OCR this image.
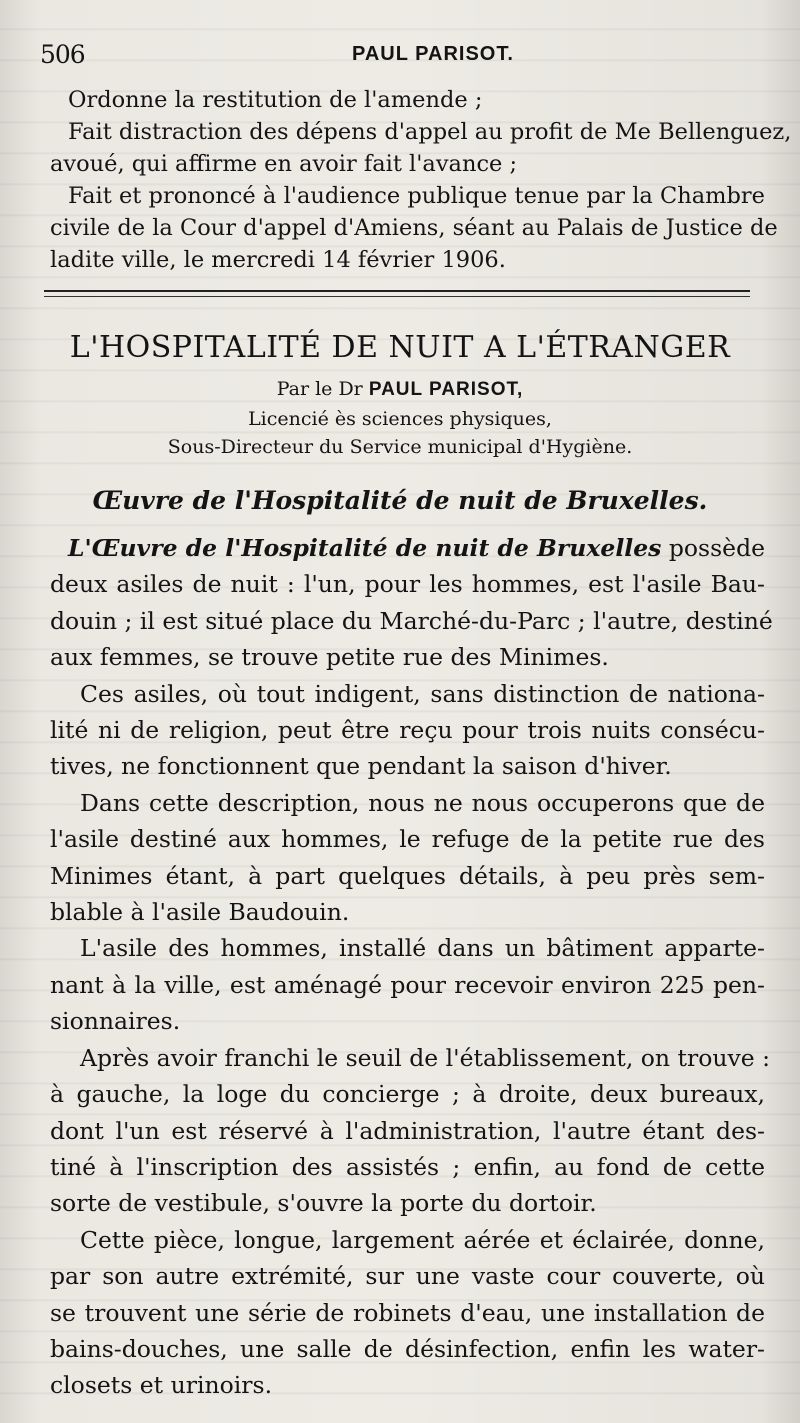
506	PAUL PARISOT.
Ordonne la restitution de l'amende ;
Fait distraction des dépens d'appel au profit de Me Bellenguez,
avoué, qui affirme en avoir fait l'avance ;
Fait et prononcé à l'audience publique tenue par la Chambre
civile de la Cour d'appel d'Amiens, séant au Palais de Justice de
ladite ville, le mercredi 14 février 1906.
L'HOSPITALITÉ DE NUIT A L'ÉTRANGER
Par le Dr PAUL PARISOT,
Licencié ès sciences physiques,
Sous-Directeur du Service municipal d'Hygiène.
Œuvre de l'Hospitalité de nuit de Bruxelles.
L'Œuvre de l'Hospitalité de nuit de Bruxelles possède
deux asiles de nuit : l'un, pour les hommes, est l'asile Bau-
douin ; il est situé place du Marché-du-Parc ; l'autre, destiné
aux femmes, se trouve petite rue des Minimes.
Ces asiles, où tout indigent, sans distinction de nationa-
lité ni de religion, peut être reçu pour trois nuits consécu-
tives, ne fonctionnent que pendant la saison d'hiver.
Dans cette description, nous ne nous occuperons que de
l'asile destiné aux hommes, le refuge de la petite rue des
Minimes étant, à part quelques détails, à peu près sem-
blable à l'asile Baudouin.
L'asile des hommes, installé dans un bâtiment apparte-
nant à la ville, est aménagé pour recevoir environ 225 pen-
sionnaires.
Après avoir franchi le seuil de l'établissement, on trouve :
à gauche, la loge du concierge ; à droite, deux bureaux,
dont l'un est réservé à l'administration, l'autre étant des-
tiné à l'inscription des assistés ; enfin, au fond de cette
sorte de vestibule, s'ouvre la porte du dortoir.
Cette pièce, longue, largement aérée et éclairée, donne,
par son autre extrémité, sur une vaste cour couverte, où
se trouvent une série de robinets d'eau, une installation de
bains-douches, une salle de désinfection, enfin les water-
closets et urinoirs.
